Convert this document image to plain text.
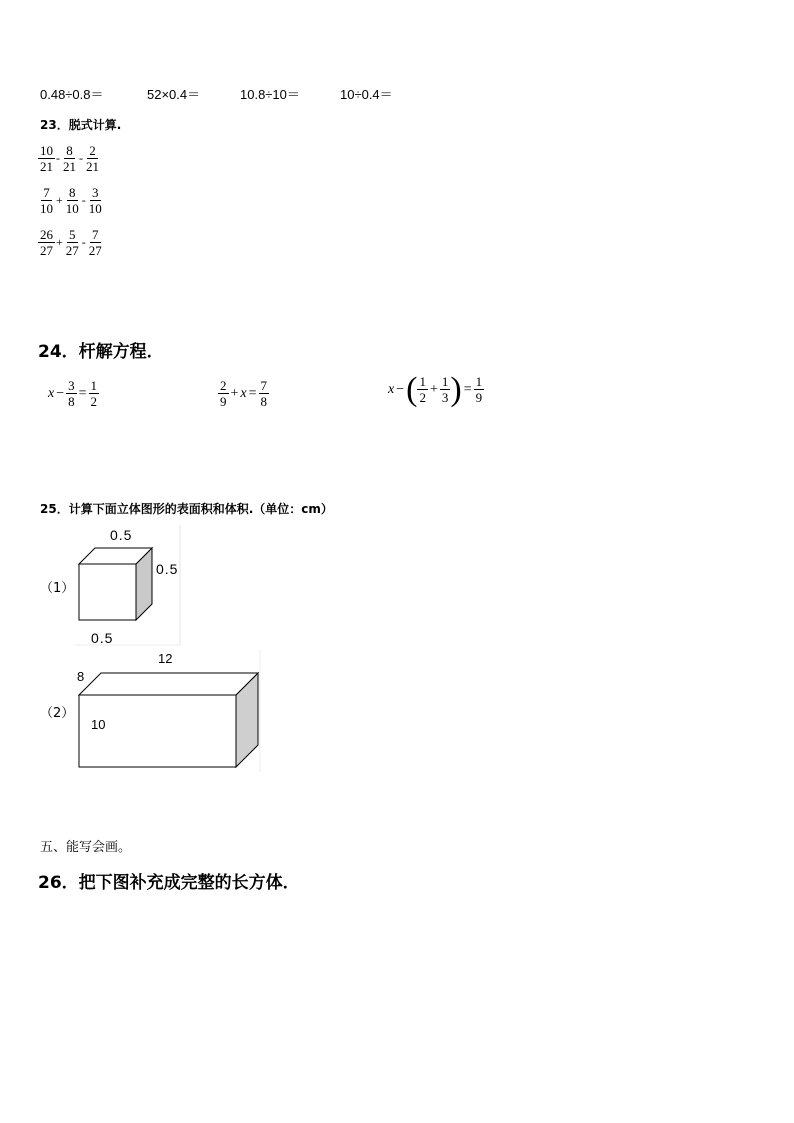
0.48÷0.8＝	52×0.4＝	10.8÷10＝	10÷0.4＝
23．脱式计算.
$\frac{10}{21} - \frac{8}{21} - \frac{2}{21}$
$\frac{7}{10} + \frac{8}{10} - \frac{3}{10}$
$\frac{26}{27} + \frac{5}{27} - \frac{7}{27}$
24．杆解方程．
$x - \frac{3}{8} = \frac{1}{2}$	$\frac{2}{9} + x = \frac{7}{8}$	x − ( $\frac{1}{2} + \frac{1}{3}$ ) = $\frac{1}{9}$
25．计算下面立体图形的表面积和体积.（单位：cm）
（1）
0.5
0.5
0.5
（2）
8
12
10
五、能写会画。
26．把下图补充成完整的长方体．
